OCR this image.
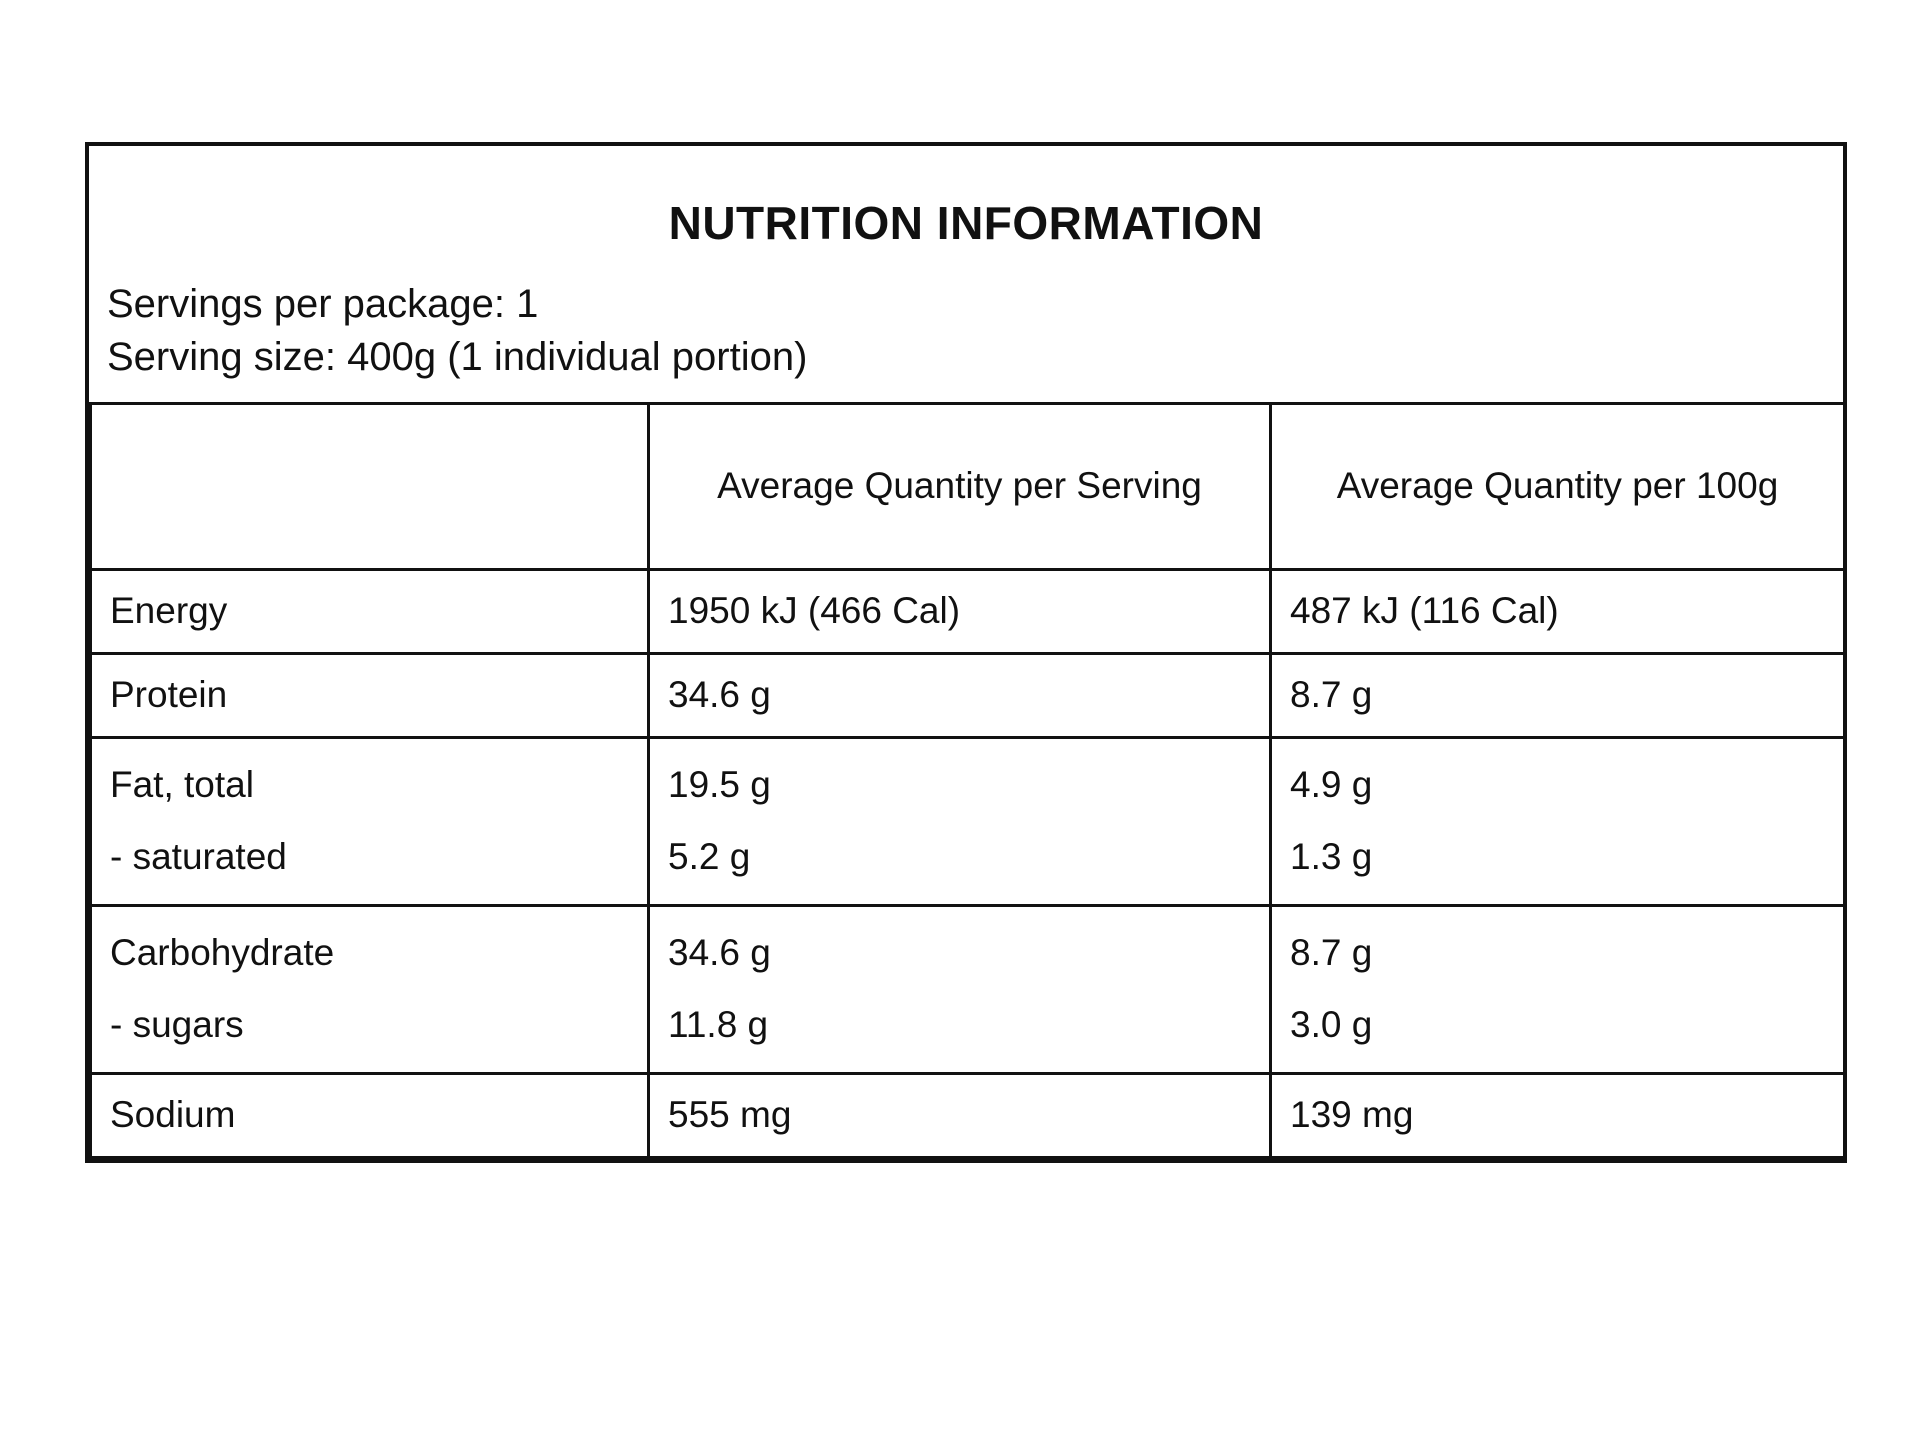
NUTRITION INFORMATION
Servings per package: 1
Serving size: 400g (1 individual portion)
	Average Quantity per Serving	Average Quantity per 100g
Energy	1950 kJ (466 Cal)	487 kJ (116 Cal)
Protein	34.6 g	8.7 g
Fat, total	19.5 g	4.9 g
- saturated	5.2 g	1.3 g
Carbohydrate	34.6 g	8.7 g
- sugars	11.8 g	3.0 g
Sodium	555 mg	139 mg
